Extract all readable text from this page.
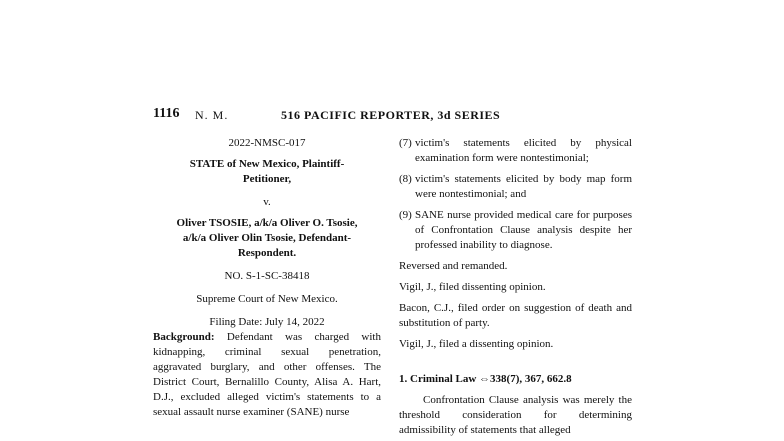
1116 N. M.	516 PACIFIC REPORTER, 3d SERIES

2022-NMSC-017

STATE of New Mexico, Plaintiff-

Petitioner,

v.

Oliver TSOSIE, a/k/a Oliver O. Tsosie,

a/k/a Oliver Olin Tsosie, Defendant-

Respondent.

NO. S-1-SC-38418

Supreme Court of New Mexico.

Filing Date: July 14, 2022

Background: Defendant was charged with kidnapping, criminal sexual penetration, aggravated burglary, and other offenses. The District Court, Bernalillo County, Alisa A. Hart, D.J., excluded alleged victim's statements to a sexual assault nurse examiner (SANE) nurse

(7) victim's statements elicited by physical examination form were nontestimonial;
(8) victim's statements elicited by body map form were nontestimonial; and
(9) SANE nurse provided medical care for purposes of Confrontation Clause analysis despite her professed inability to diagnose.

Reversed and remanded.

Vigil, J., filed dissenting opinion.

Bacon, C.J., filed order on suggestion of death and substitution of party.

Vigil, J., filed a dissenting opinion.

1. Criminal Law ⇔338(7), 367, 662.8

Confrontation Clause analysis was merely the threshold consideration for determining admissibility of statements that alleged
